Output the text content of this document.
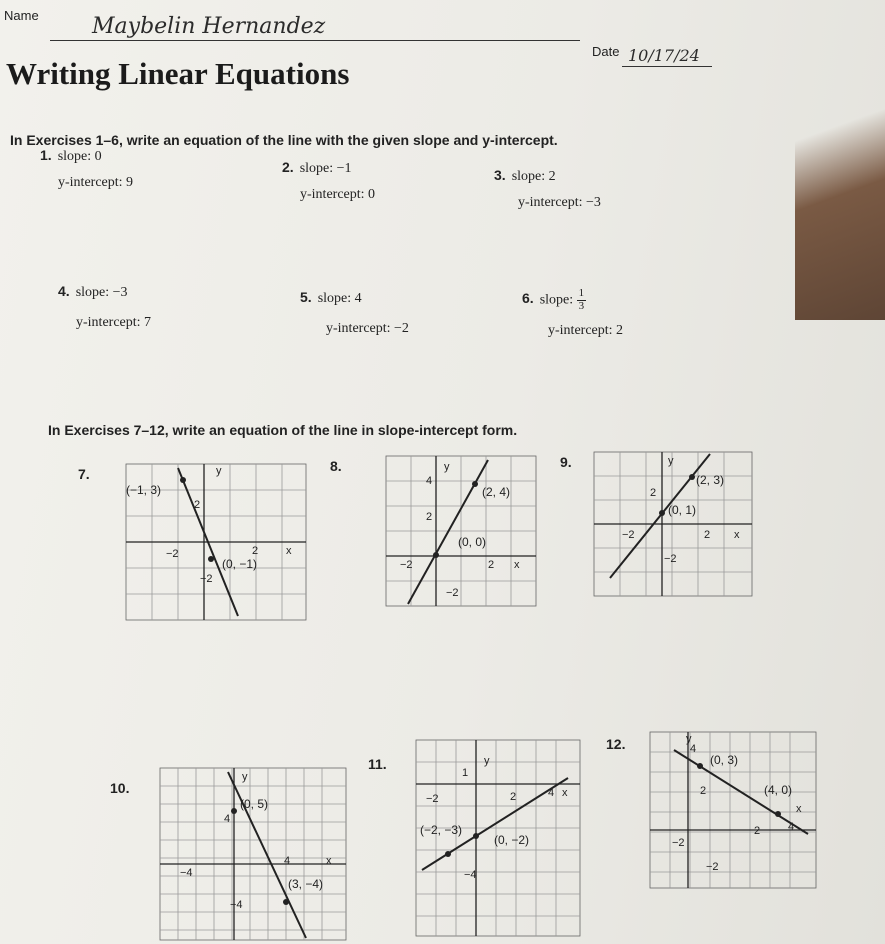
Name Maybelin Hernandez
Date 10/17/24
Writing Linear Equations
In Exercises 1–6, write an equation of the line with the given slope and y-intercept.
1. slope: 0
y-intercept: 9
2. slope: −1
y-intercept: 0
3. slope: 2
y-intercept: −3
4. slope: −3
y-intercept: 7
5. slope: 4
y-intercept: −2
6. slope: $\frac{1}{3}$
y-intercept: 2
In Exercises 7–12, write an equation of the line in slope-intercept form.
7.	y
x
−2	2
2
−2
(−1, 3)
(0, −1)
8.	y
x
4
2
−2	2
−2
(2, 4)
(0, 0)
9.	y
x
2
−2	2
−2
(2, 3)
(0, 1)
10.
y
x
4
−4
4
−4
(0, 5)
(3, −4)
11.	y
x
1
−2	2	4
−4
(−2, −3)
(0, −2)
12.	y
x
4
2
−2
2	4
−2
(0, 3)
(4, 0)
